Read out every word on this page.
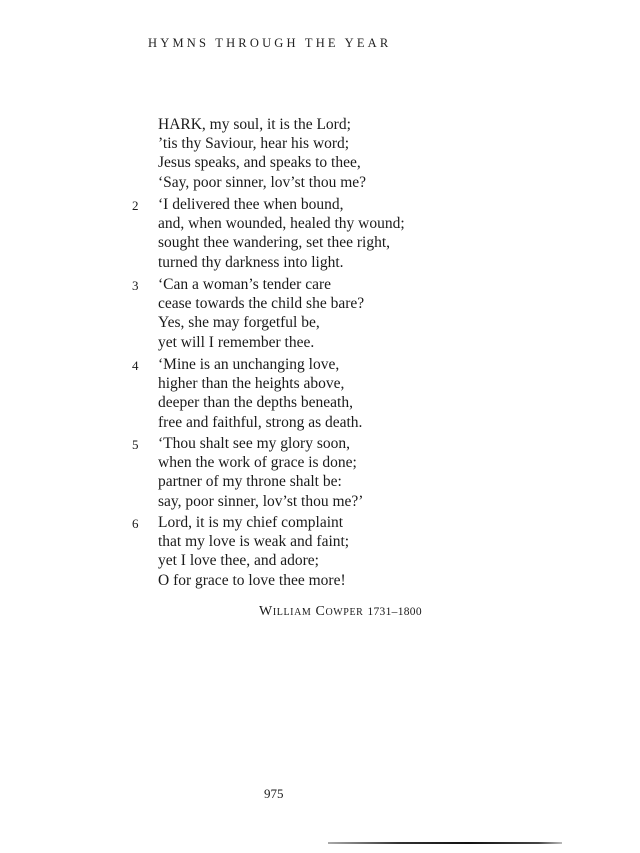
HYMNS THROUGH THE YEAR
HARK, my soul, it is the Lord;
’tis thy Saviour, hear his word;
Jesus speaks, and speaks to thee,
‘Say, poor sinner, lov’st thou me?
2 ‘I delivered thee when bound,
and, when wounded, healed thy wound;
sought thee wandering, set thee right,
turned thy darkness into light.
3 ‘Can a woman’s tender care
cease towards the child she bare?
Yes, she may forgetful be,
yet will I remember thee.
4 ‘Mine is an unchanging love,
higher than the heights above,
deeper than the depths beneath,
free and faithful, strong as death.
5 ‘Thou shalt see my glory soon,
when the work of grace is done;
partner of my throne shalt be:
say, poor sinner, lov’st thou me?’
6 Lord, it is my chief complaint
that my love is weak and faint;
yet I love thee, and adore;
O for grace to love thee more!
William Cowper 1731–1800
975
